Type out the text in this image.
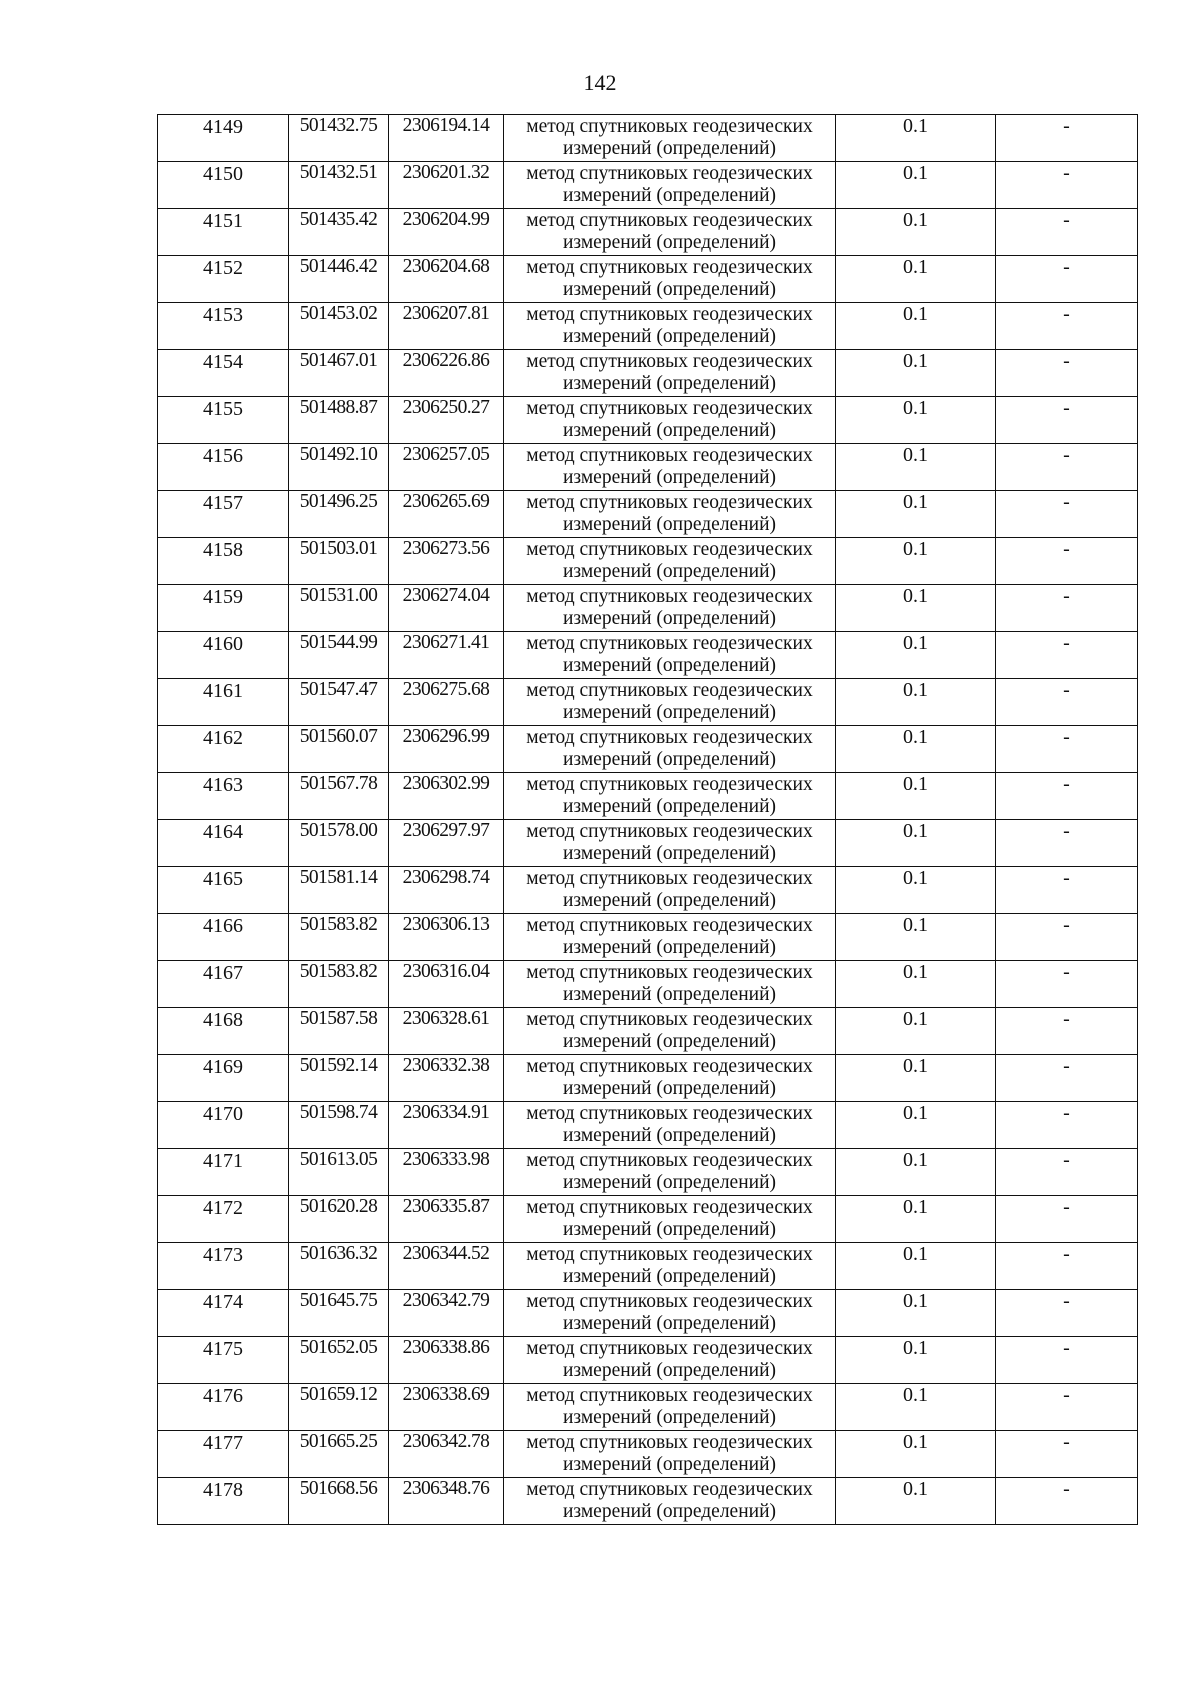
142
4149	501432.75	2306194.14	метод спутниковых геодезических измерений (определений)	0.1	-
4150	501432.51	2306201.32	метод спутниковых геодезических измерений (определений)	0.1	-
4151	501435.42	2306204.99	метод спутниковых геодезических измерений (определений)	0.1	-
4152	501446.42	2306204.68	метод спутниковых геодезических измерений (определений)	0.1	-
4153	501453.02	2306207.81	метод спутниковых геодезических измерений (определений)	0.1	-
4154	501467.01	2306226.86	метод спутниковых геодезических измерений (определений)	0.1	-
4155	501488.87	2306250.27	метод спутниковых геодезических измерений (определений)	0.1	-
4156	501492.10	2306257.05	метод спутниковых геодезических измерений (определений)	0.1	-
4157	501496.25	2306265.69	метод спутниковых геодезических измерений (определений)	0.1	-
4158	501503.01	2306273.56	метод спутниковых геодезических измерений (определений)	0.1	-
4159	501531.00	2306274.04	метод спутниковых геодезических измерений (определений)	0.1	-
4160	501544.99	2306271.41	метод спутниковых геодезических измерений (определений)	0.1	-
4161	501547.47	2306275.68	метод спутниковых геодезических измерений (определений)	0.1	-
4162	501560.07	2306296.99	метод спутниковых геодезических измерений (определений)	0.1	-
4163	501567.78	2306302.99	метод спутниковых геодезических измерений (определений)	0.1	-
4164	501578.00	2306297.97	метод спутниковых геодезических измерений (определений)	0.1	-
4165	501581.14	2306298.74	метод спутниковых геодезических измерений (определений)	0.1	-
4166	501583.82	2306306.13	метод спутниковых геодезических измерений (определений)	0.1	-
4167	501583.82	2306316.04	метод спутниковых геодезических измерений (определений)	0.1	-
4168	501587.58	2306328.61	метод спутниковых геодезических измерений (определений)	0.1	-
4169	501592.14	2306332.38	метод спутниковых геодезических измерений (определений)	0.1	-
4170	501598.74	2306334.91	метод спутниковых геодезических измерений (определений)	0.1	-
4171	501613.05	2306333.98	метод спутниковых геодезических измерений (определений)	0.1	-
4172	501620.28	2306335.87	метод спутниковых геодезических измерений (определений)	0.1	-
4173	501636.32	2306344.52	метод спутниковых геодезических измерений (определений)	0.1	-
4174	501645.75	2306342.79	метод спутниковых геодезических измерений (определений)	0.1	-
4175	501652.05	2306338.86	метод спутниковых геодезических измерений (определений)	0.1	-
4176	501659.12	2306338.69	метод спутниковых геодезических измерений (определений)	0.1	-
4177	501665.25	2306342.78	метод спутниковых геодезических измерений (определений)	0.1	-
4178	501668.56	2306348.76	метод спутниковых геодезических измерений (определений)	0.1	-
